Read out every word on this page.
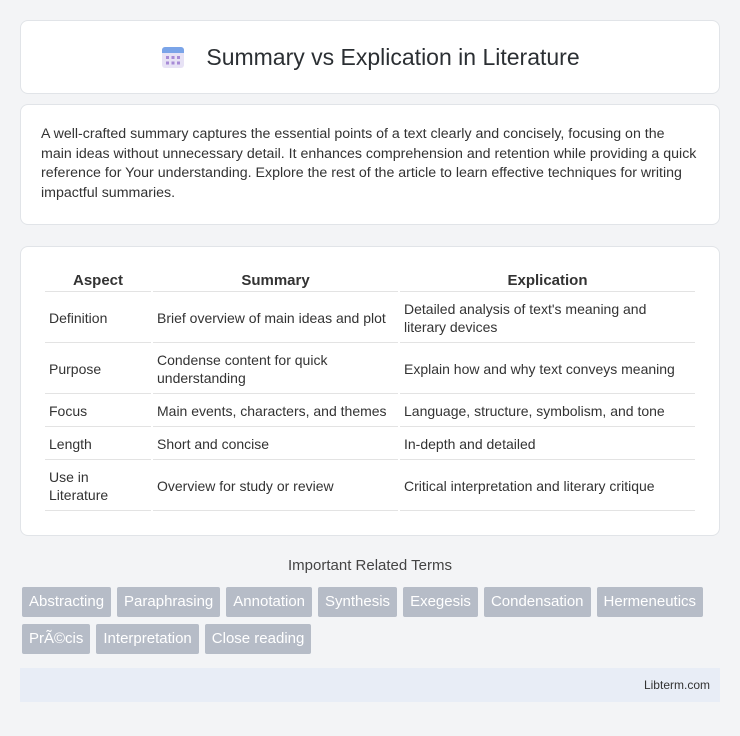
Summary vs Explication in Literature

A well-crafted summary captures the essential points of a text clearly and concisely, focusing on the main ideas without unnecessary detail. It enhances comprehension and retention while providing a quick reference for Your understanding. Explore the rest of the article to learn effective techniques for writing impactful summaries.

Aspect	Summary	Explication
Definition	Brief overview of main ideas and plot	Detailed analysis of text's meaning and literary devices
Purpose	Condense content for quick understanding	Explain how and why text conveys meaning
Focus	Main events, characters, and themes	Language, structure, symbolism, and tone
Length	Short and concise	In-depth and detailed
Use in Literature	Overview for study or review	Critical interpretation and literary critique
Important Related Terms
Abstracting	Paraphrasing	Annotation	Synthesis	Exegesis	Condensation	Hermeneutics
PrÃ©cis	Interpretation	Close reading
Libterm.com
